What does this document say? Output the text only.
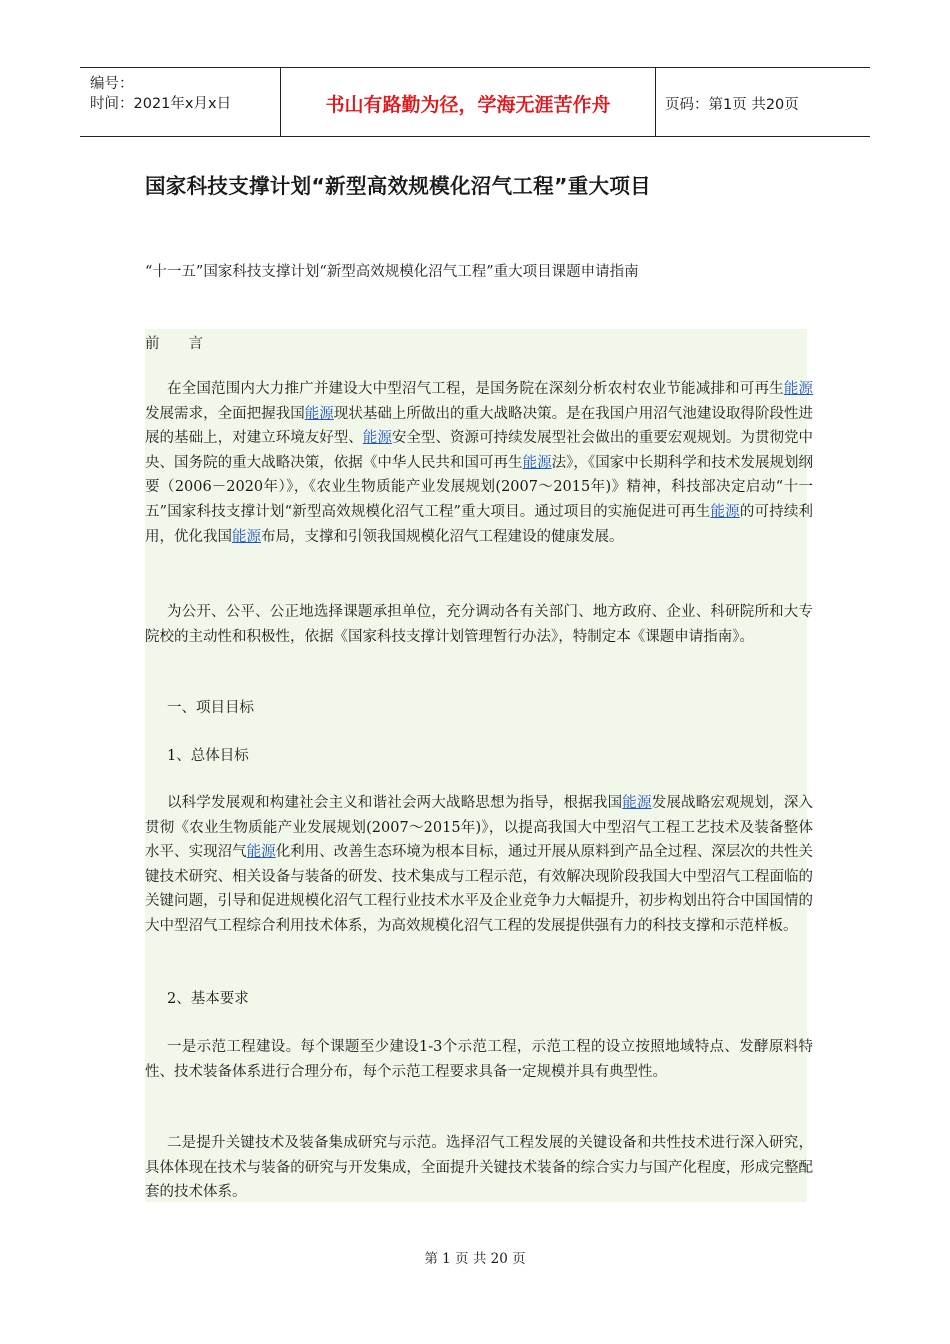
编号：
时间：2021年x月x日	书山有路勤为径，学海无涯苦作舟	页码：第1页 共20页
国家科技支撑计划“新型高效规模化沼气工程”重大项目
“十一五”国家科技支撑计划“新型高效规模化沼气工程”重大项目课题申请指南

前　　言

在全国范围内大力推广并建设大中型沼气工程，是国务院在深刻分析农村农业节能减排和可再生能源发展需求，全面把握我国能源现状基础上所做出的重大战略决策。是在我国户用沼气池建设取得阶段性进展的基础上，对建立环境友好型、能源安全型、资源可持续发展型社会做出的重要宏观规划。为贯彻党中央、国务院的重大战略决策，依据《中华人民共和国可再生能源法》，《国家中长期科学和技术发展规划纲要（2006－2020年）》，《农业生物质能产业发展规划(2007～2015年)》精神，科技部决定启动“十一五”国家科技支撑计划“新型高效规模化沼气工程”重大项目。通过项目的实施促进可再生能源的可持续利用，优化我国能源布局，支撑和引领我国规模化沼气工程建设的健康发展。

为公开、公平、公正地选择课题承担单位，充分调动各有关部门、地方政府、企业、科研院所和大专院校的主动性和积极性，依据《国家科技支撑计划管理暂行办法》，特制定本《课题申请指南》。

一、项目目标

1、总体目标

以科学发展观和构建社会主义和谐社会两大战略思想为指导，根据我国能源发展战略宏观规划，深入贯彻《农业生物质能产业发展规划(2007～2015年)》，以提高我国大中型沼气工程工艺技术及装备整体水平、实现沼气能源化利用、改善生态环境为根本目标，通过开展从原料到产品全过程、深层次的共性关键技术研究、相关设备与装备的研发、技术集成与工程示范，有效解决现阶段我国大中型沼气工程面临的关键问题，引导和促进规模化沼气工程行业技术水平及企业竞争力大幅提升，初步构划出符合中国国情的大中型沼气工程综合利用技术体系，为高效规模化沼气工程的发展提供强有力的科技支撑和示范样板。

2、基本要求

一是示范工程建设。每个课题至少建设1-3个示范工程，示范工程的设立按照地域特点、发酵原料特性、技术装备体系进行合理分布，每个示范工程要求具备一定规模并具有典型性。

二是提升关键技术及装备集成研究与示范。选择沼气工程发展的关键设备和共性技术进行深入研究，具体体现在技术与装备的研究与开发集成，全面提升关键技术装备的综合实力与国产化程度，形成完整配套的技术体系。

第 1 页 共 20 页
